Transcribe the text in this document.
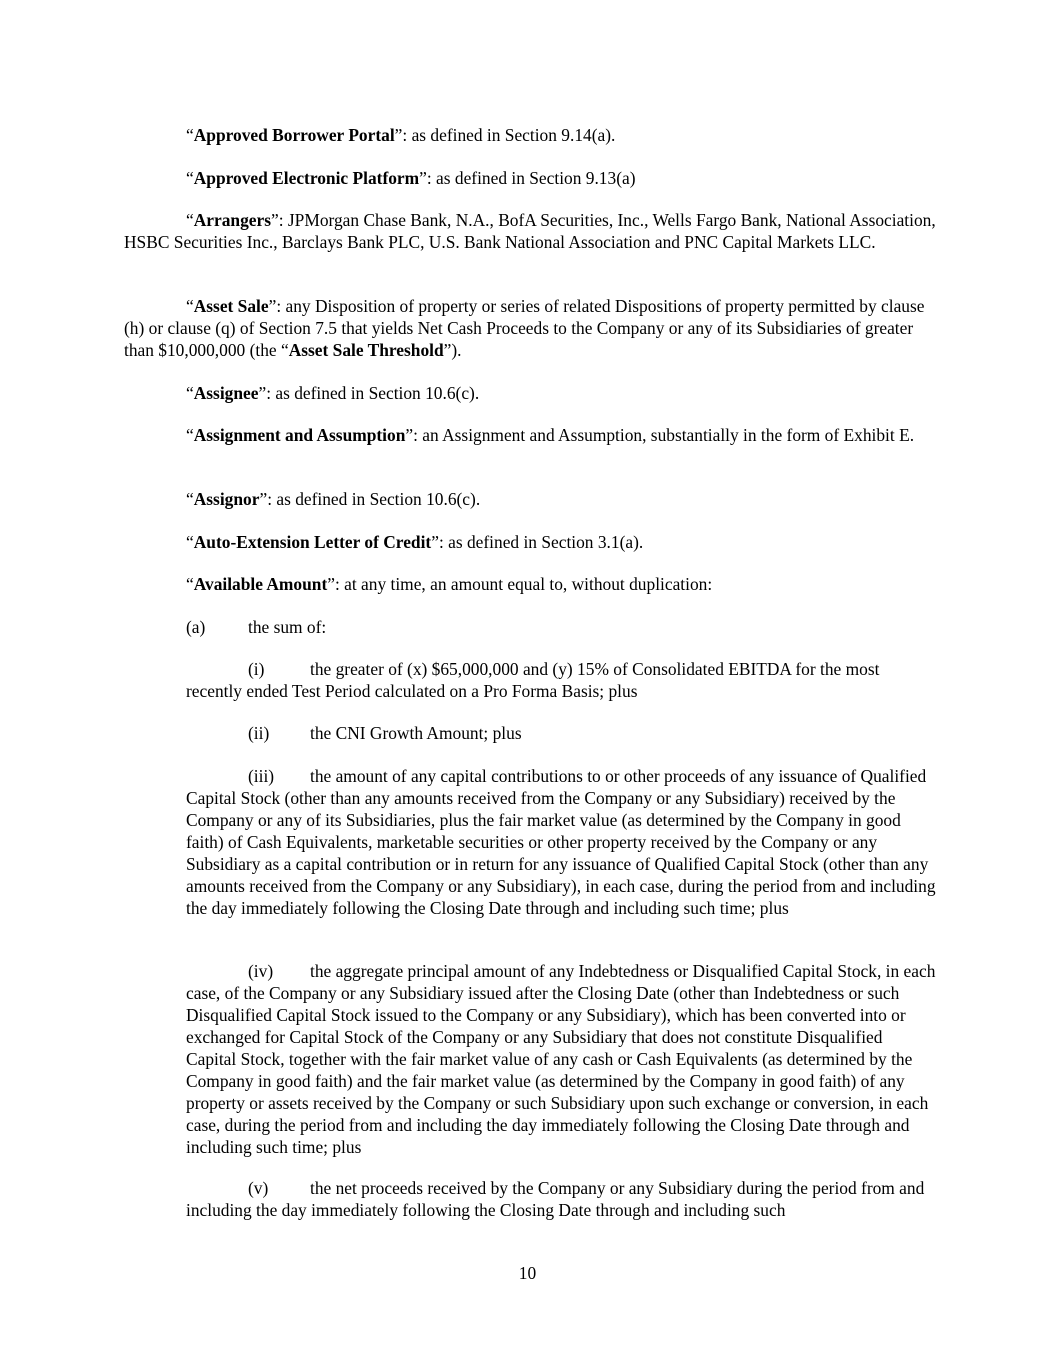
“Approved Borrower Portal”: as defined in Section 9.14(a).

“Approved Electronic Platform”: as defined in Section 9.13(a)

“Arrangers”: JPMorgan Chase Bank, N.A., BofA Securities, Inc., Wells Fargo Bank, National Association, HSBC Securities Inc., Barclays Bank PLC, U.S. Bank National Association and PNC Capital Markets LLC.

“Asset Sale”: any Disposition of property or series of related Dispositions of property permitted by clause (h) or clause (q) of Section 7.5 that yields Net Cash Proceeds to the Company or any of its Subsidiaries of greater than $10,000,000 (the “Asset Sale Threshold”).

“Assignee”: as defined in Section 10.6(c).

“Assignment and Assumption”: an Assignment and Assumption, substantially in the form of Exhibit E.

“Assignor”: as defined in Section 10.6(c).

“Auto-Extension Letter of Credit”: as defined in Section 3.1(a).

“Available Amount”: at any time, an amount equal to, without duplication:

(a) the sum of:

(i)	the greater of (x) $65,000,000 and (y) 15% of Consolidated EBITDA for the most recently ended Test Period calculated on a Pro Forma Basis; plus

(ii) the CNI Growth Amount; plus

(iii) the amount of any capital contributions to or other proceeds of any issuance of Qualified Capital Stock (other than any amounts received from the Company or any Subsidiary) received by the Company or any of its Subsidiaries, plus the fair market value (as determined by the Company in good faith) of Cash Equivalents, marketable securities or other property received by the Company or any Subsidiary as a capital contribution or in return for any issuance of Qualified Capital Stock (other than any amounts received from the Company or any Subsidiary), in each case, during the period from and including the day immediately following the Closing Date through and including such time; plus

(iv) the aggregate principal amount of any Indebtedness or Disqualified Capital Stock, in each case, of the Company or any Subsidiary issued after the Closing Date (other than Indebtedness or such Disqualified Capital Stock issued to the Company or any Subsidiary), which has been converted into or exchanged for Capital Stock of the Company or any Subsidiary that does not constitute Disqualified Capital Stock, together with the fair market value of any cash or Cash Equivalents (as determined by the Company in good faith) and the fair market value (as determined by the Company in good faith) of any property or assets received by the Company or such Subsidiary upon such exchange or conversion, in each case, during the period from and including the day immediately following the Closing Date through and including such time; plus

(v) the net proceeds received by the Company or any Subsidiary during the period from and including the day immediately following the Closing Date through and including such

10
